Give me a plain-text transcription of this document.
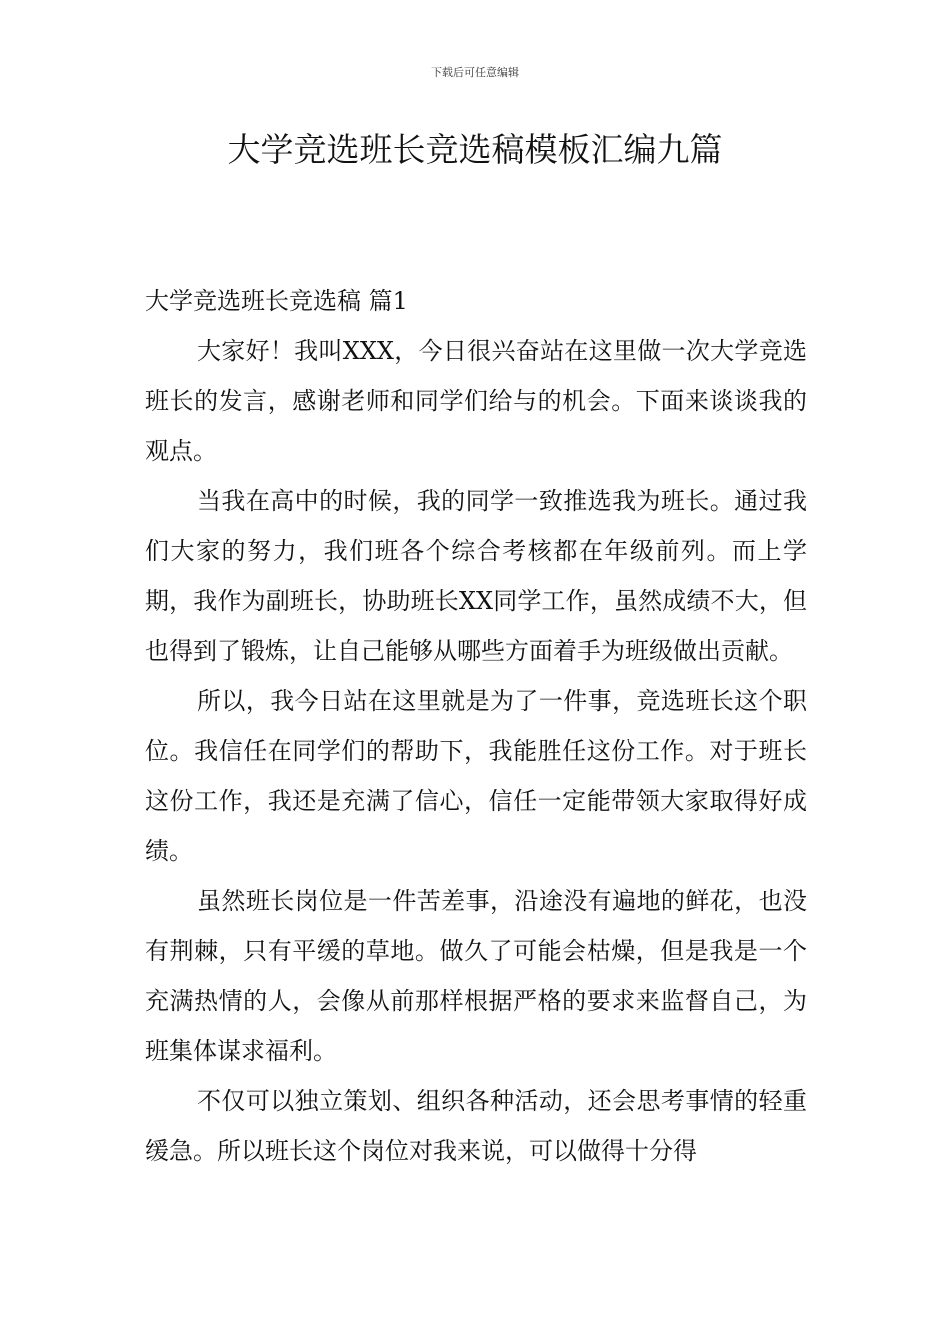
下载后可任意编辑
大学竞选班长竞选稿模板汇编九篇
大学竞选班长竞选稿 篇1

大家好！我叫XXX，今日很兴奋站在这里做一次大学竞选班长的发言，感谢老师和同学们给与的机会。下面来谈谈我的观点。

当我在高中的时候，我的同学一致推选我为班长。通过我们大家的努力，我们班各个综合考核都在年级前列。而上学期，我作为副班长，协助班长XX同学工作，虽然成绩不大，但也得到了锻炼，让自己能够从哪些方面着手为班级做出贡献。

所以，我今日站在这里就是为了一件事，竞选班长这个职位。我信任在同学们的帮助下，我能胜任这份工作。对于班长这份工作，我还是充满了信心，信任一定能带领大家取得好成绩。

虽然班长岗位是一件苦差事，沿途没有遍地的鲜花，也没有荆棘，只有平缓的草地。做久了可能会枯燥，但是我是一个充满热情的人，会像从前那样根据严格的要求来监督自己，为班集体谋求福利。

不仅可以独立策划、组织各种活动，还会思考事情的轻重缓急。所以班长这个岗位对我来说，可以做得十分得
